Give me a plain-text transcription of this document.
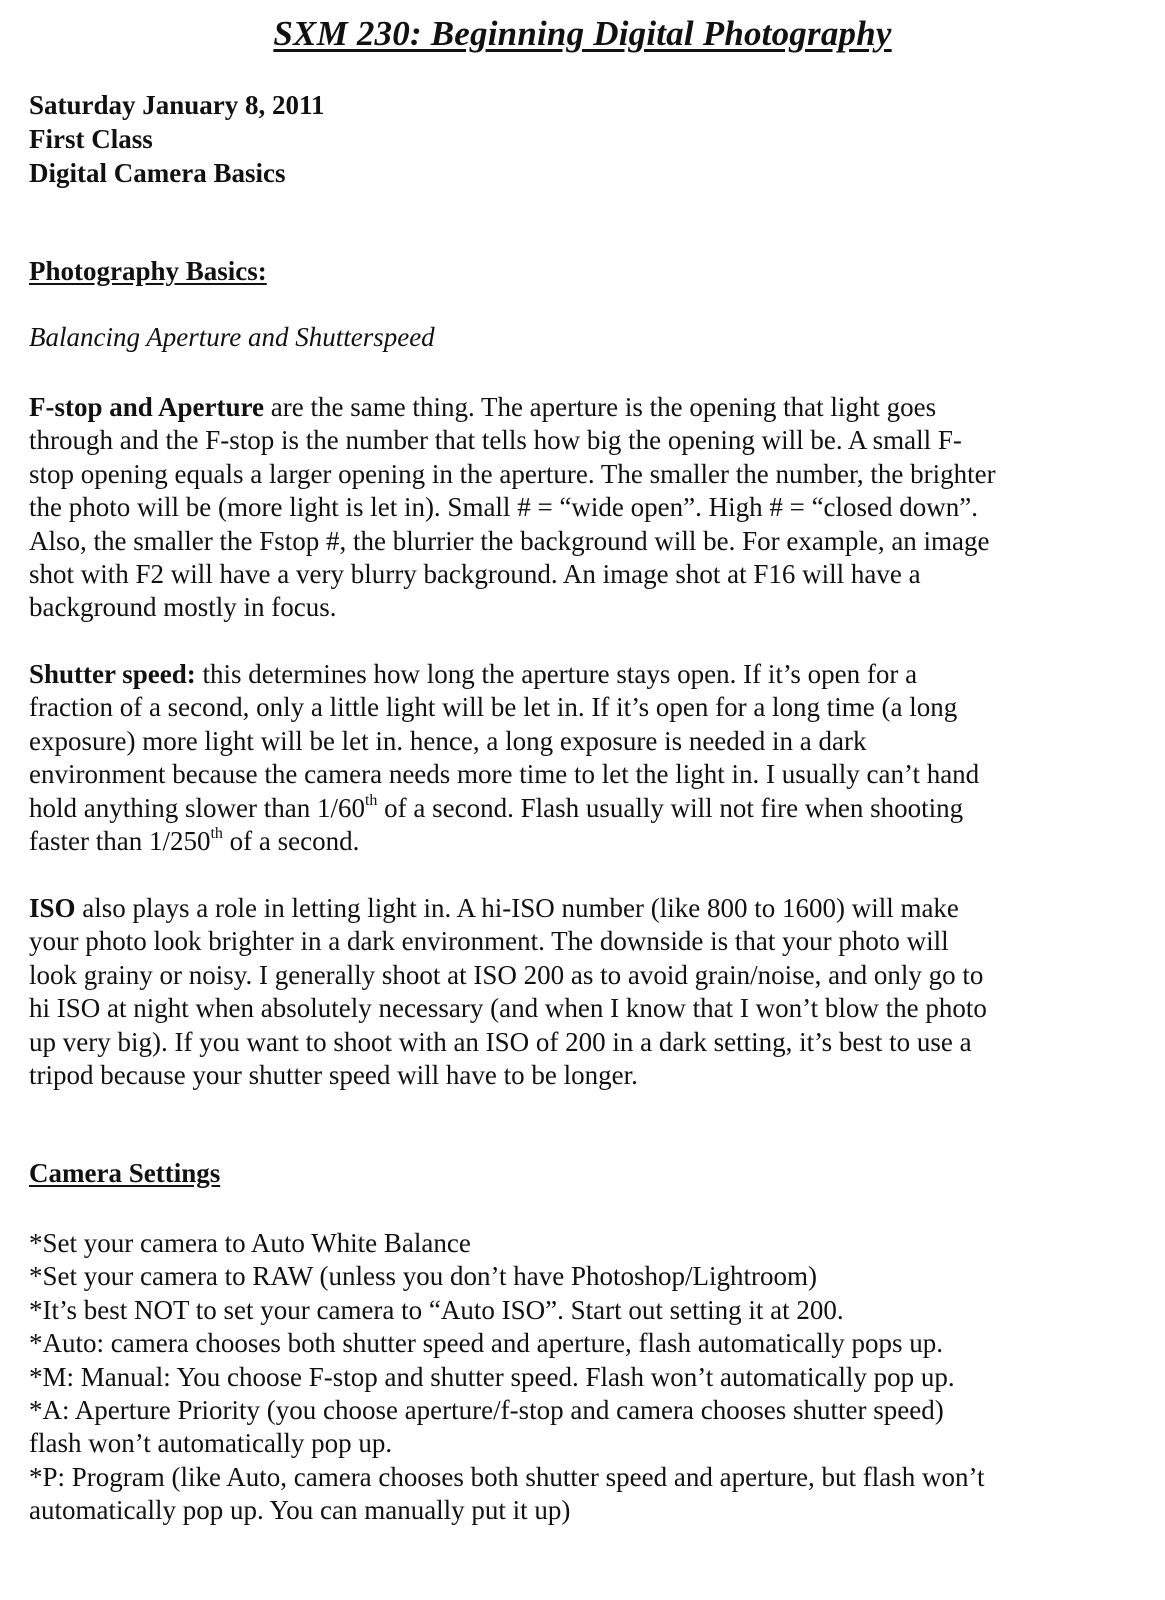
SXM 230: Beginning Digital Photography
Saturday January 8, 2011
First Class
Digital Camera Basics
Photography Basics:
Balancing Aperture and Shutterspeed
F-stop and Aperture are the same thing. The aperture is the opening that light goes
through and the F-stop is the number that tells how big the opening will be. A small F-
stop opening equals a larger opening in the aperture. The smaller the number, the brighter
the photo will be (more light is let in). Small # = “wide open”. High # = “closed down”.
Also, the smaller the Fstop #, the blurrier the background will be. For example, an image
shot with F2 will have a very blurry background. An image shot at F16 will have a
background mostly in focus.
Shutter speed: this determines how long the aperture stays open. If it’s open for a
fraction of a second, only a little light will be let in. If it’s open for a long time (a long
exposure) more light will be let in. hence, a long exposure is needed in a dark
environment because the camera needs more time to let the light in. I usually can’t hand
hold anything slower than 1/60th of a second. Flash usually will not fire when shooting
faster than 1/250th of a second.
ISO also plays a role in letting light in. A hi-ISO number (like 800 to 1600) will make
your photo look brighter in a dark environment. The downside is that your photo will
look grainy or noisy. I generally shoot at ISO 200 as to avoid grain/noise, and only go to
hi ISO at night when absolutely necessary (and when I know that I won’t blow the photo
up very big). If you want to shoot with an ISO of 200 in a dark setting, it’s best to use a
tripod because your shutter speed will have to be longer.
Camera Settings
*Set your camera to Auto White Balance
*Set your camera to RAW (unless you don’t have Photoshop/Lightroom)
*It’s best NOT to set your camera to “Auto ISO”. Start out setting it at 200.
*Auto: camera chooses both shutter speed and aperture, flash automatically pops up.
*M: Manual: You choose F-stop and shutter speed. Flash won’t automatically pop up.
*A: Aperture Priority (you choose aperture/f-stop and camera chooses shutter speed)
flash won’t automatically pop up.
*P: Program (like Auto, camera chooses both shutter speed and aperture, but flash won’t
automatically pop up. You can manually put it up)
